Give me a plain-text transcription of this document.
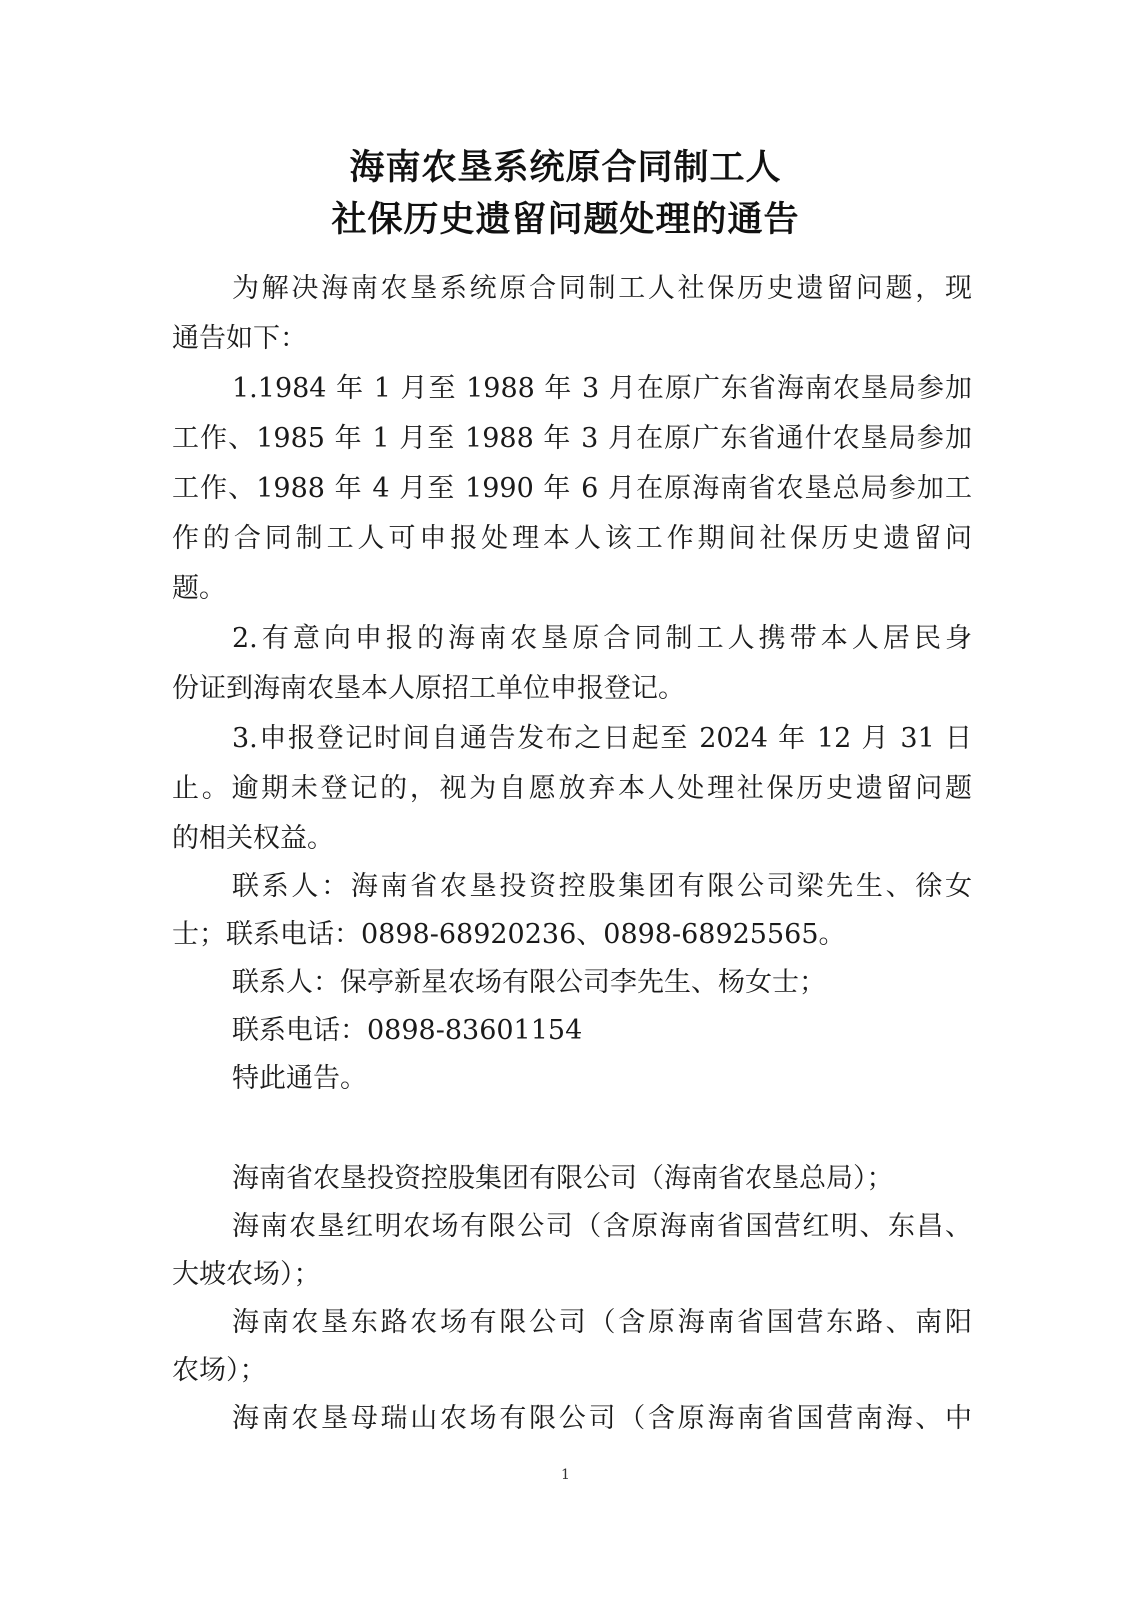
海南农垦系统原合同制工人
社保历史遗留问题处理的通告
为解决海南农垦系统原合同制工人社保历史遗留问题，现
通告如下：
1.1984 年 1 月至 1988 年 3 月在原广东省海南农垦局参加
工作、1985 年 1 月至 1988 年 3 月在原广东省通什农垦局参加
工作、1988 年 4 月至 1990 年 6 月在原海南省农垦总局参加工
作的合同制工人可申报处理本人该工作期间社保历史遗留问
题。
2.有意向申报的海南农垦原合同制工人携带本人居民身
份证到海南农垦本人原招工单位申报登记。
3.申报登记时间自通告发布之日起至 2024 年 12 月 31 日
止。逾期未登记的，视为自愿放弃本人处理社保历史遗留问题
的相关权益。
联系人：海南省农垦投资控股集团有限公司梁先生、徐女
士；联系电话：0898-68920236、0898-68925565。
联系人：保亭新星农场有限公司李先生、杨女士；
联系电话：0898-83601154
特此通告。
海南省农垦投资控股集团有限公司（海南省农垦总局）；
海南农垦红明农场有限公司（含原海南省国营红明、东昌、
大坡农场）；
海南农垦东路农场有限公司（含原海南省国营东路、南阳
农场）；
海南农垦母瑞山农场有限公司（含原海南省国营南海、中
1
